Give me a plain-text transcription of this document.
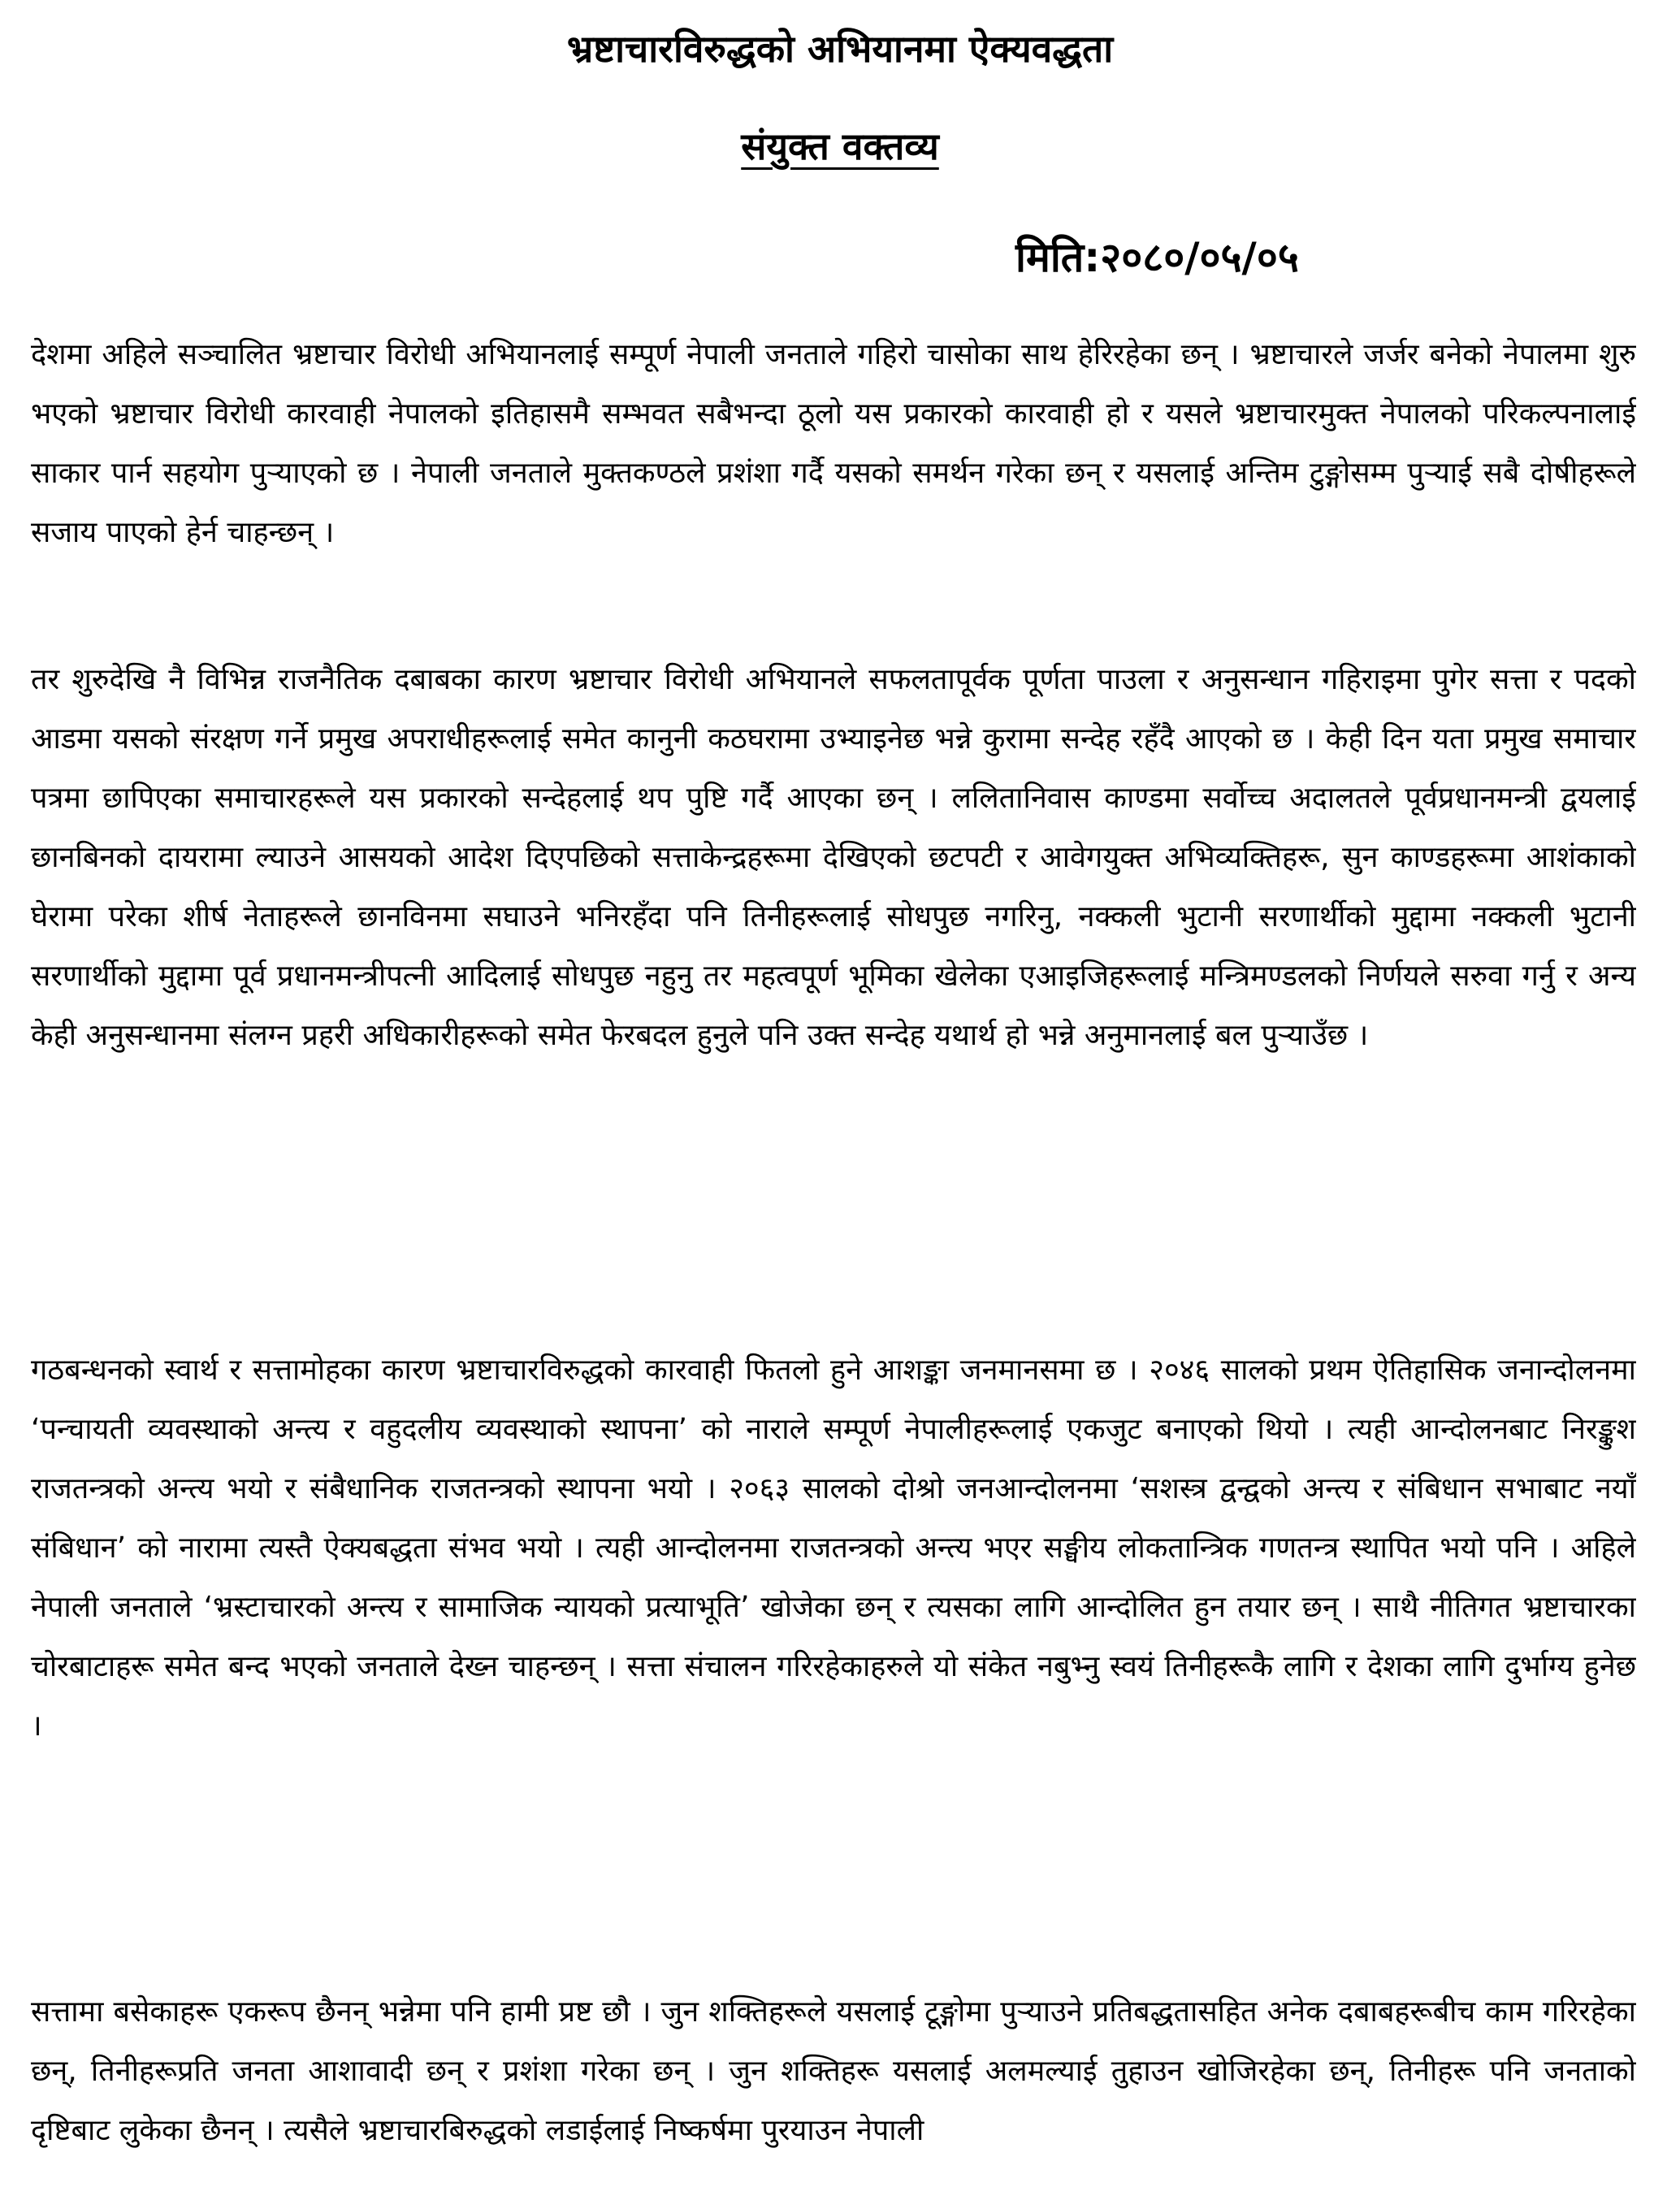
भ्रष्टाचारविरुद्धको अभियानमा ऐक्यवद्धता
संयुक्त वक्तव्य
मिति:२०८०/०५/०५

देशमा अहिले सञ्चालित भ्रष्टाचार विरोधी अभियानलाई सम्पूर्ण नेपाली जनताले गहिरो चासोका साथ हेरिरहेका छन् । भ्रष्टाचारले जर्जर बनेको नेपालमा शुरु भएको भ्रष्टाचार विरोधी कारवाही नेपालको इतिहासमै सम्भवत सबैभन्दा ठूलो यस प्रकारको कारवाही हो र यसले भ्रष्टाचारमुक्त नेपालको परिकल्पनालाई साकार पार्न सहयोग पुऱ्याएको छ । नेपाली जनताले मुक्तकण्ठले प्रशंशा गर्दै यसको समर्थन गरेका छन् र यसलाई अन्तिम टुङ्गोसम्म पुऱ्याई सबै दोषीहरूले सजाय पाएको हेर्न चाहन्छन् ।

तर शुरुदेखि नै विभिन्न राजनैतिक दबाबका कारण भ्रष्टाचार विरोधी अभियानले सफलतापूर्वक पूर्णता पाउला र अनुसन्धान गहिराइमा पुगेर सत्ता र पदको आडमा यसको संरक्षण गर्ने प्रमुख अपराधीहरूलाई समेत कानुनी कठघरामा उभ्याइनेछ भन्ने कुरामा सन्देह रहँदै आएको छ । केही दिन यता प्रमुख समाचार पत्रमा छापिएका समाचारहरूले यस प्रकारको सन्देहलाई थप पुष्टि गर्दै आएका छन् । ललितानिवास काण्डमा सर्वोच्च अदालतले पूर्वप्रधानमन्त्री द्वयलाई छानबिनको दायरामा ल्याउने आसयको आदेश दिएपछिको सत्ताकेन्द्रहरूमा देखिएको छटपटी र आवेगयुक्त अभिव्यक्तिहरू, सुन काण्डहरूमा आशंकाको घेरामा परेका शीर्ष नेताहरूले छानविनमा सघाउने भनिरहँदा पनि तिनीहरूलाई सोधपुछ नगरिनु, नक्कली भुटानी सरणार्थीको मुद्दामा नक्कली भुटानी सरणार्थीको मुद्दामा पूर्व प्रधानमन्त्रीपत्नी आदिलाई सोधपुछ नहुनु तर महत्वपूर्ण भूमिका खेलेका एआइजिहरूलाई मन्त्रिमण्डलको निर्णयले सरुवा गर्नु र अन्य केही अनुसन्धानमा संलग्न प्रहरी अधिकारीहरूको समेत फेरबदल हुनुले पनि उक्त सन्देह यथार्थ हो भन्ने अनुमानलाई बल पुऱ्याउँछ ।

गठबन्धनको स्वार्थ र सत्तामोहका कारण भ्रष्टाचारविरुद्धको कारवाही फितलो हुने आशङ्का जनमानसमा छ । २०४६ सालको प्रथम ऐतिहासिक जनान्दोलनमा ‘पन्चायती व्यवस्थाको अन्त्य र वहुदलीय व्यवस्थाको स्थापना’ को नाराले सम्पूर्ण नेपालीहरूलाई एकजुट बनाएको थियो । त्यही आन्दोलनबाट निरङ्कुश राजतन्त्रको अन्त्य भयो र संबैधानिक राजतन्त्रको स्थापना भयो । २०६३ सालको दोश्रो जनआन्दोलनमा ‘सशस्त्र द्वन्द्वको अन्त्य र संबिधान सभाबाट नयाँ संबिधान’ को नारामा त्यस्तै ऐक्यबद्धता संभव भयो । त्यही आन्दोलनमा राजतन्त्रको अन्त्य भएर सङ्घीय लोकतान्त्रिक गणतन्त्र स्थापित भयो पनि । अहिले नेपाली जनताले ‘भ्रस्टाचारको अन्त्य र सामाजिक न्यायको प्रत्याभूति’ खोजेका छन् र त्यसका लागि आन्दोलित हुन तयार छन् । साथै नीतिगत भ्रष्टाचारका चोरबाटाहरू समेत बन्द भएको जनताले देख्न चाहन्छन् । सत्ता संचालन गरिरहेकाहरुले यो संकेत नबुभ्नु स्वयं तिनीहरूकै लागि र देशका लागि दुर्भाग्य हुनेछ ।

सत्तामा बसेकाहरू एकरूप छैनन् भन्नेमा पनि हामी प्रष्ट छौ । जुन शक्तिहरूले यसलाई टूङ्गोमा पुऱ्याउने प्रतिबद्धतासहित अनेक दबाबहरूबीच काम गरिरहेका छन्, तिनीहरूप्रति जनता आशावादी छन् र प्रशंशा गरेका छन् । जुन शक्तिहरू यसलाई अलमल्याई तुहाउन खोजिरहेका छन्, तिनीहरू पनि जनताको दृष्टिबाट लुकेका छैनन् । त्यसैले भ्रष्टाचारबिरुद्धको लडाईलाई निष्कर्षमा पुरयाउन नेपाली
